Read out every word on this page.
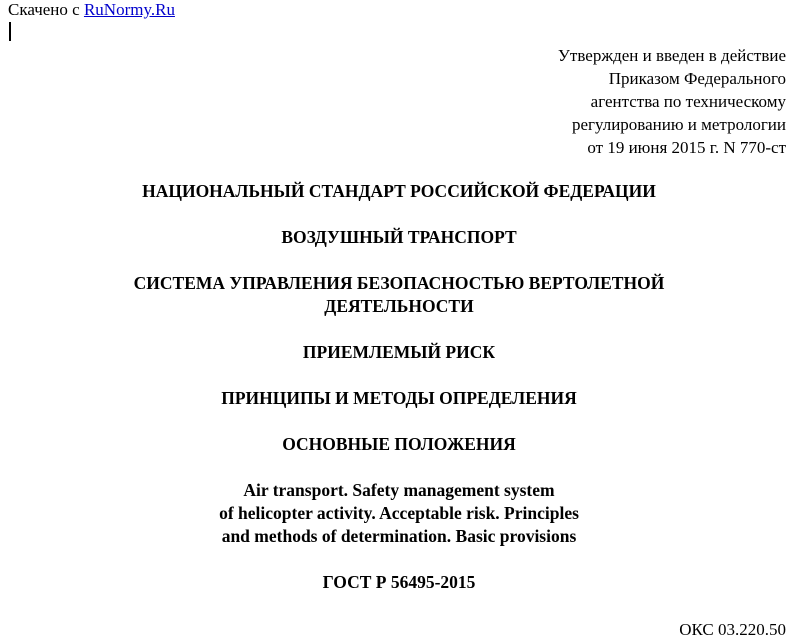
Скачено с RuNormy.Ru
Утвержден и введен в действие
Приказом Федерального
агентства по техническому
регулированию и метрологии
от 19 июня 2015 г. N 770-ст
НАЦИОНАЛЬНЫЙ СТАНДАРТ РОССИЙСКОЙ ФЕДЕРАЦИИ
ВОЗДУШНЫЙ ТРАНСПОРТ
СИСТЕМА УПРАВЛЕНИЯ БЕЗОПАСНОСТЬЮ ВЕРТОЛЕТНОЙ
ДЕЯТЕЛЬНОСТИ
ПРИЕМЛЕМЫЙ РИСК
ПРИНЦИПЫ И МЕТОДЫ ОПРЕДЕЛЕНИЯ
ОСНОВНЫЕ ПОЛОЖЕНИЯ
Air transport. Safety management system
of helicopter activity. Acceptable risk. Principles
and methods of determination. Basic provisions
ГОСТ Р 56495-2015
ОКС 03.220.50
